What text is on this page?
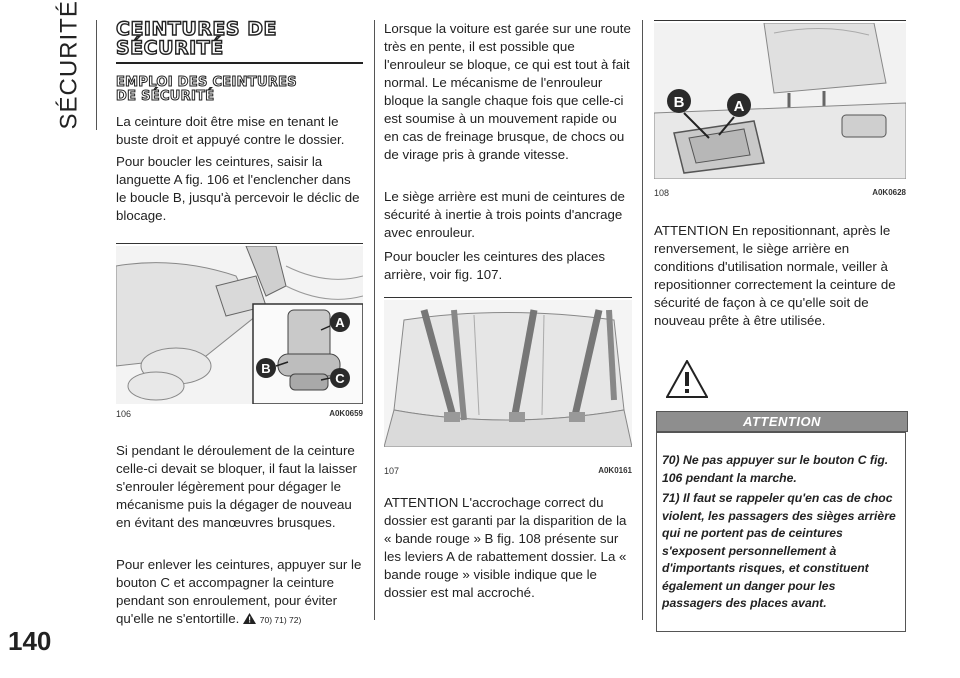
SÉCURITÉ
140
CEINTURES DE
SÉCURITÉ
EMPLOI DES CEINTURES
DE SÉCURITÉ

La ceinture doit être mise en tenant le buste droit et appuyé contre le dossier.

Pour boucler les ceintures, saisir la languette A fig. 106 et l'enclencher dans le boucle B, jusqu'à percevoir le déclic de blocage.

A
B
C
106	A0K0659

Si pendant le déroulement de la ceinture celle-ci devait se bloquer, il faut la laisser s'enrouler légèrement pour dégager le mécanisme puis la dégager de nouveau en évitant des manœuvres brusques.

Pour enlever les ceintures, appuyer sur le bouton C et accompagner la ceinture pendant son enroulement, pour éviter qu'elle ne s'entortille. 70) 71) 72)

Lorsque la voiture est garée sur une route très en pente, il est possible que l'enrouleur se bloque, ce qui est tout à fait normal. Le mécanisme de l'enrouleur bloque la sangle chaque fois que celle-ci est soumise à un mouvement rapide ou en cas de freinage brusque, de chocs ou de virage pris à grande vitesse.

Le siège arrière est muni de ceintures de sécurité à inertie à trois points d'ancrage avec enrouleur.

Pour boucler les ceintures des places arrière, voir fig. 107.

107	A0K0161

ATTENTION L'accrochage correct du dossier est garanti par la disparition de la « bande rouge » B fig. 108 présente sur les leviers A de rabattement dossier. La « bande rouge » visible indique que le dossier est mal accroché.

B	A
108	A0K0628

ATTENTION En repositionnant, après le renversement, le siège arrière en conditions d'utilisation normale, veiller à repositionner correctement la ceinture de sécurité de façon à ce qu'elle soit de nouveau prête à être utilisée.

ATTENTION
70) Ne pas appuyer sur le bouton C fig. 106 pendant la marche.
71) Il faut se rappeler qu'en cas de choc violent, les passagers des sièges arrière qui ne portent pas de ceintures s'exposent personnellement à d'importants risques, et constituent également un danger pour les passagers des places avant.
